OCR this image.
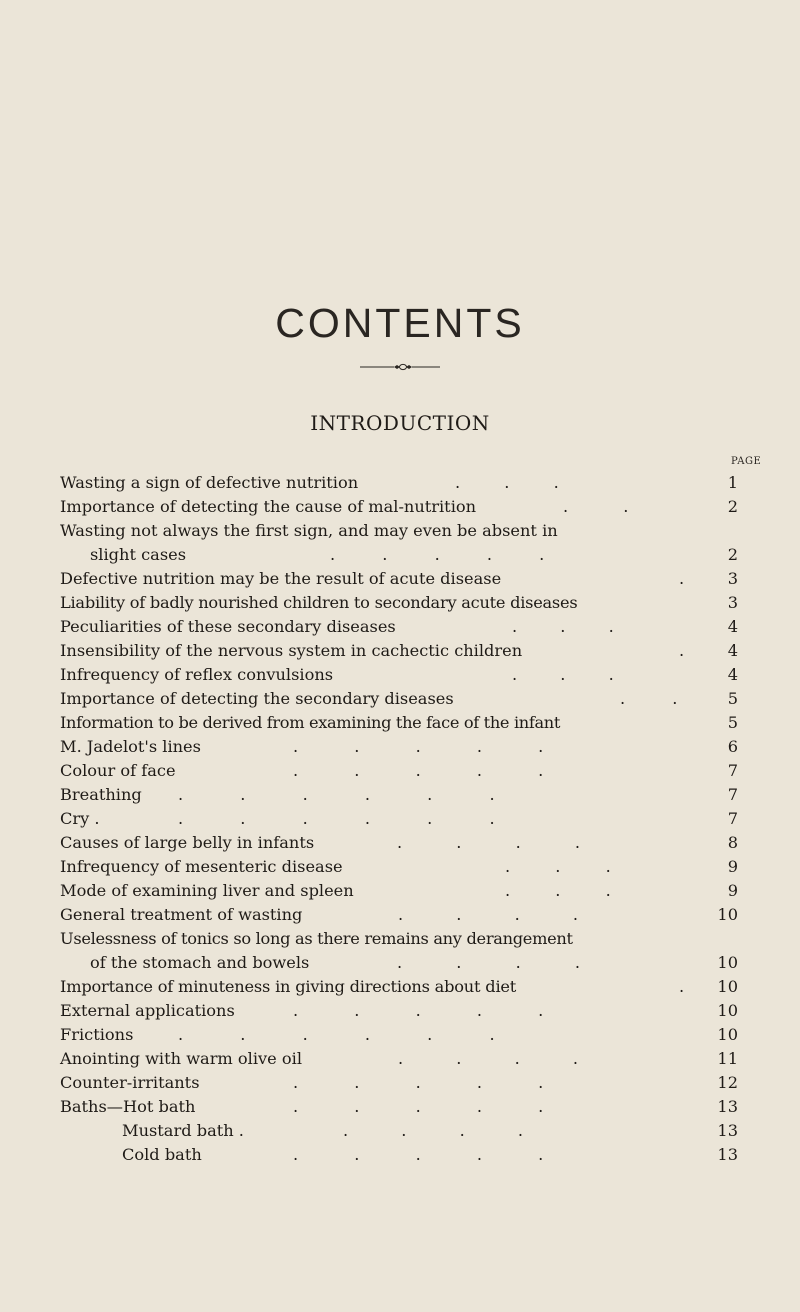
CONTENTS
INTRODUCTION
PAGE
Wasting a sign of defective nutrition	. . .	1
Importance of detecting the cause of mal-nutrition	. .	2
Wasting not always the first sign, and may even be absent in
slight cases	. . . . .	2
Defective nutrition may be the result of acute disease	.	3
Liability of badly nourished children to secondary acute diseases	3
Peculiarities of these secondary diseases	. . .	4
Insensibility of the nervous system in cachectic children	.	4
Infrequency of reflex convulsions	. . .	4
Importance of detecting the secondary diseases	. .	5
Information to be derived from examining the face of the infant	5
M. Jadelot's lines	. . . . .	6
Colour of face	. . . . .	7
Breathing . . . . . .	7
Cry .	. . . . . .	7
Causes of large belly in infants	. . . .	8
Infrequency of mesenteric disease	. . .	9
Mode of examining liver and spleen	. . .	9
General treatment of wasting	. . . .	10
Uselessness of tonics so long as there remains any derangement
of the stomach and bowels	. . . .	10
Importance of minuteness in giving directions about diet	.	10
External applications	. . . . .	10
Frictions	. . . . . .	10
Anointing with warm olive oil	. . . .	11
Counter-irritants	. . . . .	12
Baths—Hot bath	. . . . .	13
Mustard bath .	. . . .	13
Cold bath	. . . . .	13
